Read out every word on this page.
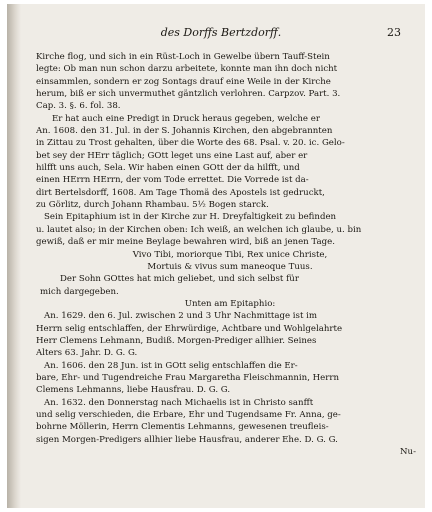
des Dorffs Bertzdorff.	23
Kirche flog, und sich in ein Rüst-Loch in Gewelbe übern Tauff-Stein
legte: Ob man nun schon darzu arbeitete, konnte man ihn doch nicht
einsammlen, sondern er zog Sontags drauf eine Weile in der Kirche
herum, biß er sich unvermuthet gäntzlich verlohren. Carpzov. Part. 3.
Cap. 3. §. 6. fol. 38.
Er hat auch eine Predigt in Druck heraus gegeben, welche er
An. 1608. den 31. Jul. in der S. Johannis Kirchen, den abgebrannten
in Zittau zu Trost gehalten, über die Worte des 68. Psal. v. 20. ic. Gelo-
bet sey der HErr täglich; GOtt leget uns eine Last auf, aber er
hilfft uns auch, Sela. Wir haben einen GOtt der da hilfft, und
einen HErrn HErrn, der vom Tode errettet. Die Vorrede ist da-
dirt Bertelsdorff, 1608. Am Tage Thomä des Apostels ist gedruckt,
zu Görlitz, durch Johann Rhambau. 5½ Bogen starck.
Sein Epitaphium ist in der Kirche zur H. Dreyfaltigkeit zu befinden
u. lautet also; in der Kirchen oben: Ich weiß, an welchen ich glaube, u. bin
gewiß, daß er mir meine Beylage bewahren wird, biß an jenen Tage.
Vivo Tibi, moriorque Tibi, Rex unice Christe,
Mortuis & vivus sum maneoque Tuus.
Der Sohn GOttes hat mich geliebet, und sich selbst für
mich dargegeben.
Unten am Epitaphio:
An. 1629. den 6. Jul. zwischen 2 und 3 Uhr Nachmittage ist im
Herrn selig entschlaffen, der Ehrwürdige, Achtbare und Wohlgelahrte
Herr Clemens Lehmann, Budiß. Morgen-Prediger allhier. Seines
Alters 63. Jahr. D. G. G.
An. 1606. den 28 Jun. ist in GOtt selig entschlaffen die Er-
bare, Ehr- und Tugendreiche Frau Margaretha Fleischmannin, Herrn
Clemens Lehmanns, liebe Hausfrau. D. G. G.
An. 1632. den Donnerstag nach Michaelis ist in Christo sanfft
und selig verschieden, die Erbare, Ehr und Tugendsame Fr. Anna, ge-
bohrne Möllerin, Herrn Clementis Lehmanns, gewesenen treufleis-
sigen Morgen-Predigers allhier liebe Hausfrau, anderer Ehe. D. G. G.
Nu-
